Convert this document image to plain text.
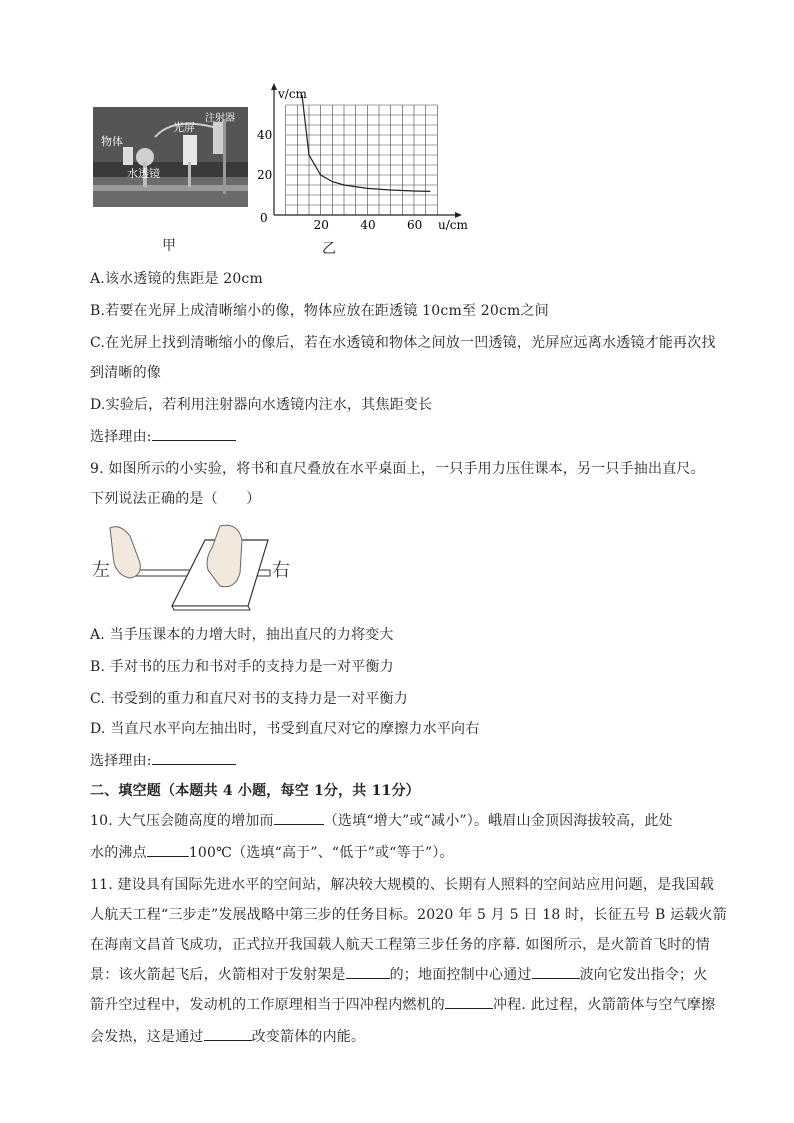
物体
光屏
注射器
水透镜
甲
v/cm
u/cm
0	20	40	60
20
40
乙
A.该水透镜的焦距是 20cm
B.若要在光屏上成清晰缩小的像，物体应放在距透镜 10cm至 20cm之间
C.在光屏上找到清晰缩小的像后，若在水透镜和物体之间放一凹透镜，光屏应远离水透镜才能再次找
到清晰的像
D.实验后，若利用注射器向水透镜内注水，其焦距变长
选择理由:
9. 如图所示的小实验，将书和直尺叠放在水平桌面上，一只手用力压住课本，另一只手抽出直尺。
下列说法正确的是（　　）
左	右
A. 当手压课本的力增大时，抽出直尺的力将变大
B. 手对书的压力和书对手的支持力是一对平衡力
C. 书受到的重力和直尺对书的支持力是一对平衡力
D. 当直尺水平向左抽出时，书受到直尺对它的摩擦力水平向右
选择理由:
二、填空题（本题共 4 小题，每空 1分，共 11分）
10. 大气压会随高度的增加而	（选填“增大”或“减小”）。峨眉山金顶因海拔较高，此处
水的沸点	100℃（选填“高于”、“低于”或“等于”）。
11. 建设具有国际先进水平的空间站，解决较大规模的、长期有人照料的空间站应用问题，是我国载
人航天工程“三步走”发展战略中第三步的任务目标。2020 年 5 月 5 日 18 时，长征五号 B 运载火箭
在海南文昌首飞成功，正式拉开我国载人航天工程第三步任务的序幕. 如图所示，是火箭首飞时的情
景：该火箭起飞后，火箭相对于发射架是	的；地面控制中心通过	波向它发出指令；火
箭升空过程中，发动机的工作原理相当于四冲程内燃机的	冲程. 此过程，火箭箭体与空气摩擦
会发热，这是通过	改变箭体的内能。
